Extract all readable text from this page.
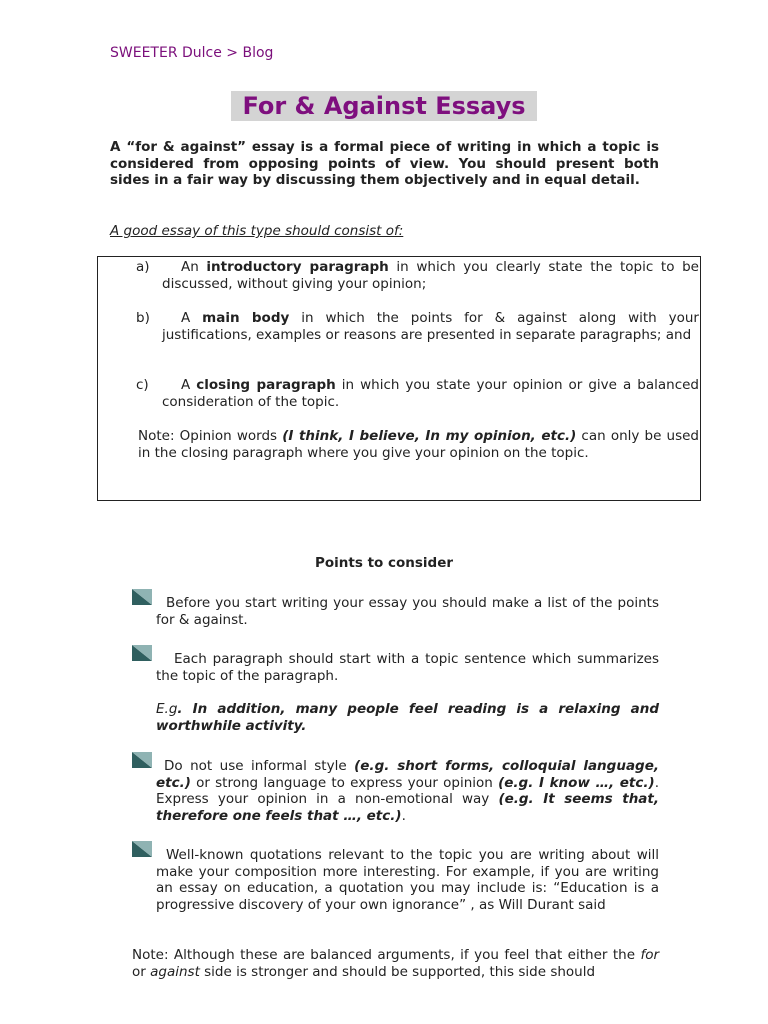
SWEETER Dulce > Blog
For & Against Essays
A “for & against” essay is a formal piece of writing in which a topic is considered from opposing points of view. You should present both sides in a fair way by discussing them objectively and in equal detail.
A good essay of this type should consist of:
a)	An introductory paragraph in which you clearly state the topic to be discussed, without giving your opinion;
b)	A main body in which the points for & against along with your justifications, examples or reasons are presented in separate paragraphs; and
c)	A closing paragraph in which you state your opinion or give a balanced consideration of the topic.
Note: Opinion words (I think, I believe, In my opinion, etc.) can only be used in the closing paragraph where you give your opinion on the topic.
Points to consider
Before you start writing your essay you should make a list of the points for & against.
Each paragraph should start with a topic sentence which summarizes the topic of the paragraph.
E.g. In addition, many people feel reading is a relaxing and worthwhile activity.
Do not use informal style (e.g. short forms, colloquial language, etc.) or strong language to express your opinion (e.g. I know …, etc.). Express your opinion in a non-emotional way (e.g. It seems that, therefore one feels that …, etc.).
Well-known quotations relevant to the topic you are writing about will make your composition more interesting. For example, if you are writing an essay on education, a quotation you may include is: “Education is a progressive discovery of your own ignorance” , as Will Durant said
Note: Although these are balanced arguments, if you feel that either the for or against side is stronger and should be supported, this side should
